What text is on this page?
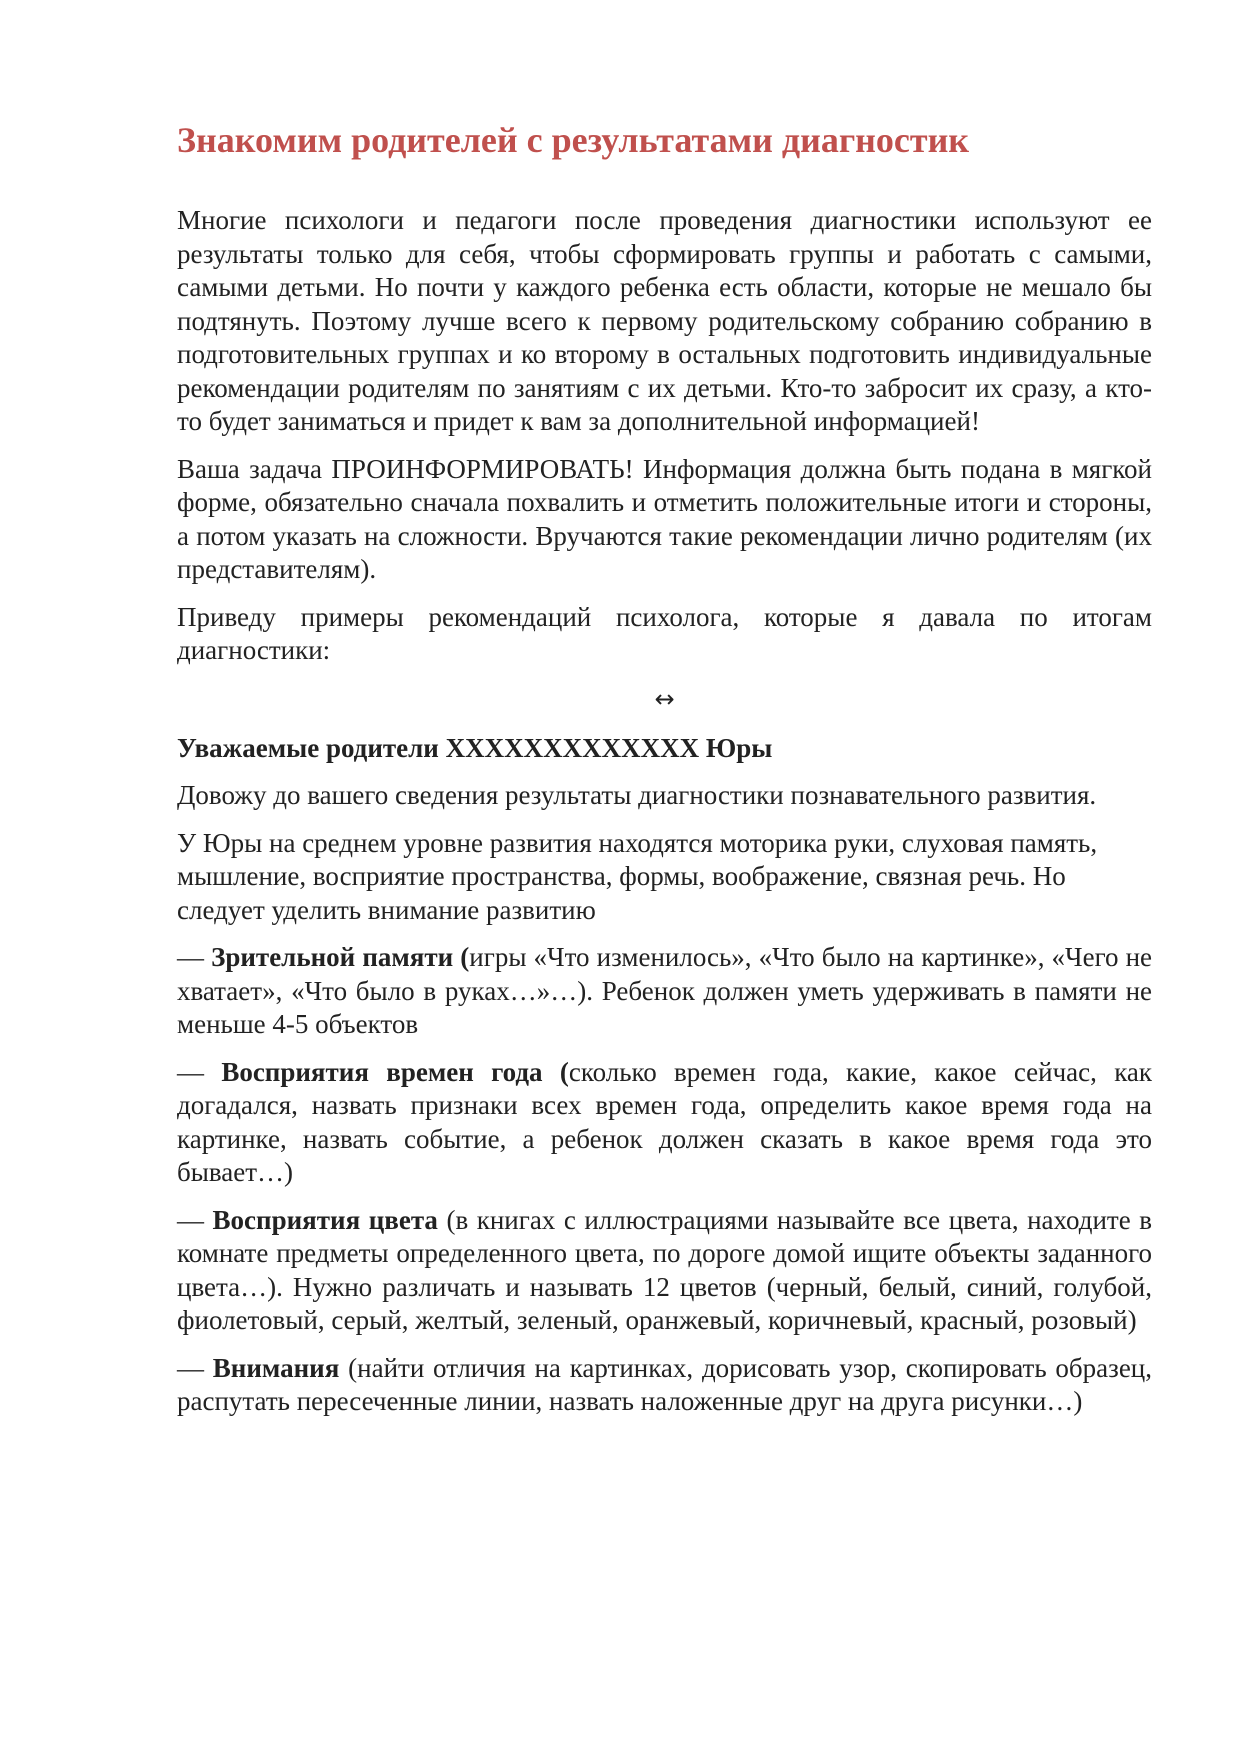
Знакомим родителей с результатами диагностик

Многие психологи и педагоги после проведения диагностики используют ее результаты только для себя, чтобы сформировать группы и работать с самыми, самыми детьми. Но почти у каждого ребенка есть области, которые не мешало бы подтянуть. Поэтому лучше всего к первому родительскому собранию собранию в подготовительных группах и ко второму в остальных подготовить индивидуальные рекомендации родителям по занятиям с их детьми. Кто-то забросит их сразу, а кто-то будет заниматься и придет к вам за дополнительной информацией!

Ваша задача ПРОИНФОРМИРОВАТЬ! Информация должна быть подана в мягкой форме, обязательно сначала похвалить и отметить положительные итоги и стороны, а потом указать на сложности. Вручаются такие рекомендации лично родителям (их представителям).

Приведу примеры рекомендаций психолога, которые я давала по итогам диагностики:

↔
Уважаемые родители XXXXXXXXXXXXX Юры

Довожу до вашего сведения результаты диагностики познавательного развития.

У Юры на среднем уровне развития находятся моторика руки, слуховая память, мышление, восприятие пространства, формы, воображение, связная речь. Но следует уделить внимание развитию

— Зрительной памяти (игры «Что изменилось», «Что было на картинке», «Чего не хватает», «Что было в руках…»…). Ребенок должен уметь удерживать в памяти не меньше 4-5 объектов

— Восприятия времен года (сколько времен года, какие, какое сейчас, как догадался, назвать признаки всех времен года, определить какое время года на картинке, назвать событие, а ребенок должен сказать в какое время года это бывает…)

— Восприятия цвета (в книгах с иллюстрациями называйте все цвета, находите в комнате предметы определенного цвета, по дороге домой ищите объекты заданного цвета…). Нужно различать и называть 12 цветов (черный, белый, синий, голубой, фиолетовый, серый, желтый, зеленый, оранжевый, коричневый, красный, розовый)

— Внимания (найти отличия на картинках, дорисовать узор, скопировать образец, распутать пересеченные линии, назвать наложенные друг на друга рисунки…)
